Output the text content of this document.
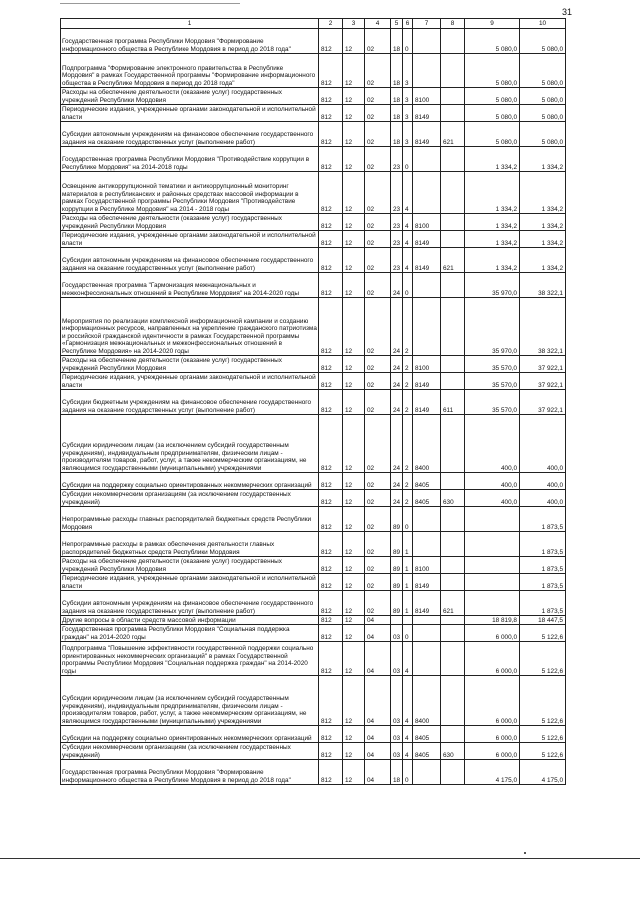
31
1	2	3	4	5	6	7	8	9	10
Государственная программа Республики Мордовия "Формирование информационного общества в Республике Мордовия в период до 2018 года"	812	12	02	18	0			5 080,0	5 080,0
Подпрограмма "Формирование электронного правительства в Республике Мордовия" в рамках Государственной программы "Формирование информационного общества в Республике Мордовия в период до 2018 года"	812	12	02	18	3			5 080,0	5 080,0
Расходы на обеспечение деятельности (оказание услуг) государственных учреждений Республики Мордовия	812	12	02	18	3	8100		5 080,0	5 080,0
Периодические издания, учрежденные органами законодательной и исполнительной власти	812	12	02	18	3	8149		5 080,0	5 080,0
Субсидии автономным учреждениям на финансовое обеспечение государственного задания на оказание государственных услуг (выполнение работ)	812	12	02	18	3	8149	621	5 080,0	5 080,0
Государственная программа Республики Мордовия "Противодействие коррупции в Республике Мордовия" на 2014-2018 годы	812	12	02	23	0			1 334,2	1 334,2
Освещение антикоррупционной тематики и антикоррупционный мониторинг материалов в республиканских и районных средствах массовой информации в рамках Государственной программы Республики Мордовия "Противодействие коррупции в Республике Мордовия" на 2014 - 2018 годы	812	12	02	23	4			1 334,2	1 334,2
Расходы на обеспечение деятельности (оказание услуг) государственных учреждений Республики Мордовия	812	12	02	23	4	8100		1 334,2	1 334,2
Периодические издания, учрежденные органами законодательной и исполнительной власти	812	12	02	23	4	8149		1 334,2	1 334,2
Субсидии автономным учреждениям на финансовое обеспечение государственного задания на оказание государственных услуг (выполнение работ)	812	12	02	23	4	8149	621	1 334,2	1 334,2
Государственная программа "Гармонизация межнациональных и межконфессиональных отношений в Республике Мордовия" на 2014-2020 годы	812	12	02	24	0			35 970,0	38 322,1
Мероприятия по реализации комплексной информационной кампании и созданию информационных ресурсов, направленных на укрепление гражданского патриотизма и российской гражданской идентичности в рамках Государственной программы «Гармонизация межнациональных и межконфессиональных отношений в Республике Мордовия» на 2014-2020 годы	812	12	02	24	2			35 970,0	38 322,1
Расходы на обеспечение деятельности (оказание услуг) государственных учреждений Республики Мордовия	812	12	02	24	2	8100		35 570,0	37 922,1
Периодические издания, учрежденные органами законодательной и исполнительной власти	812	12	02	24	2	8149		35 570,0	37 922,1
Субсидии бюджетным учреждениям на финансовое обеспечение государственного задания на оказание государственных услуг (выполнение работ)	812	12	02	24	2	8149	611	35 570,0	37 922,1
Субсидии юридическим лицам (за исключением субсидий государственным учреждениям), индивидуальным предпринимателям, физическим лицам - производителям товаров, работ, услуг, а также некоммерческим организациям, не являющимся государственными (муниципальными) учреждениями	812	12	02	24	2	8400		400,0	400,0
Субсидии на поддержку социально ориентированных некоммерческих организаций	812	12	02	24	2	8405		400,0	400,0
Субсидии некоммерческим организациям (за исключением государственных учреждений)	812	12	02	24	2	8405	630	400,0	400,0
Непрограммные расходы главных распорядителей бюджетных средств Республики Мордовия	812	12	02	89	0				1 873,5
Непрограммные расходы в рамках обеспечения деятельности главных распорядителей бюджетных средств Республики Мордовия	812	12	02	89	1				1 873,5
Расходы на обеспечение деятельности (оказание услуг) государственных учреждений Республики Мордовия	812	12	02	89	1	8100			1 873,5
Периодические издания, учрежденные органами законодательной и исполнительной власти	812	12	02	89	1	8149			1 873,5
Субсидии автономным учреждениям на финансовое обеспечение государственного задания на оказание государственных услуг (выполнение работ)	812	12	02	89	1	8149	621		1 873,5
Другие вопросы в области средств массовой информации	812	12	04					18 819,8	18 447,5
Государственная программа Республики Мордовия "Социальная поддержка граждан" на 2014-2020 годы	812	12	04	03	0			6 000,0	5 122,6
Подпрограмма "Повышение эффективности государственной поддержки социально ориентированных некоммерческих организаций" в рамках Государственной программы Республики Мордовия "Социальная поддержка граждан" на 2014-2020 годы	812	12	04	03	4			6 000,0	5 122,6
Субсидии юридическим лицам (за исключением субсидий государственным учреждениям), индивидуальным предпринимателям, физическим лицам - производителям товаров, работ, услуг, а также некоммерческим организациям, не являющимся государственными (муниципальными) учреждениями	812	12	04	03	4	8400		6 000,0	5 122,6
Субсидии на поддержку социально ориентированных некоммерческих организаций	812	12	04	03	4	8405		6 000,0	5 122,6
Субсидии некоммерческим организациям (за исключением государственных учреждений)	812	12	04	03	4	8405	630	6 000,0	5 122,6
Государственная программа Республики Мордовия "Формирование информационного общества в Республике Мордовия в период до 2018 года"	812	12	04	18	0			4 175,0	4 175,0
